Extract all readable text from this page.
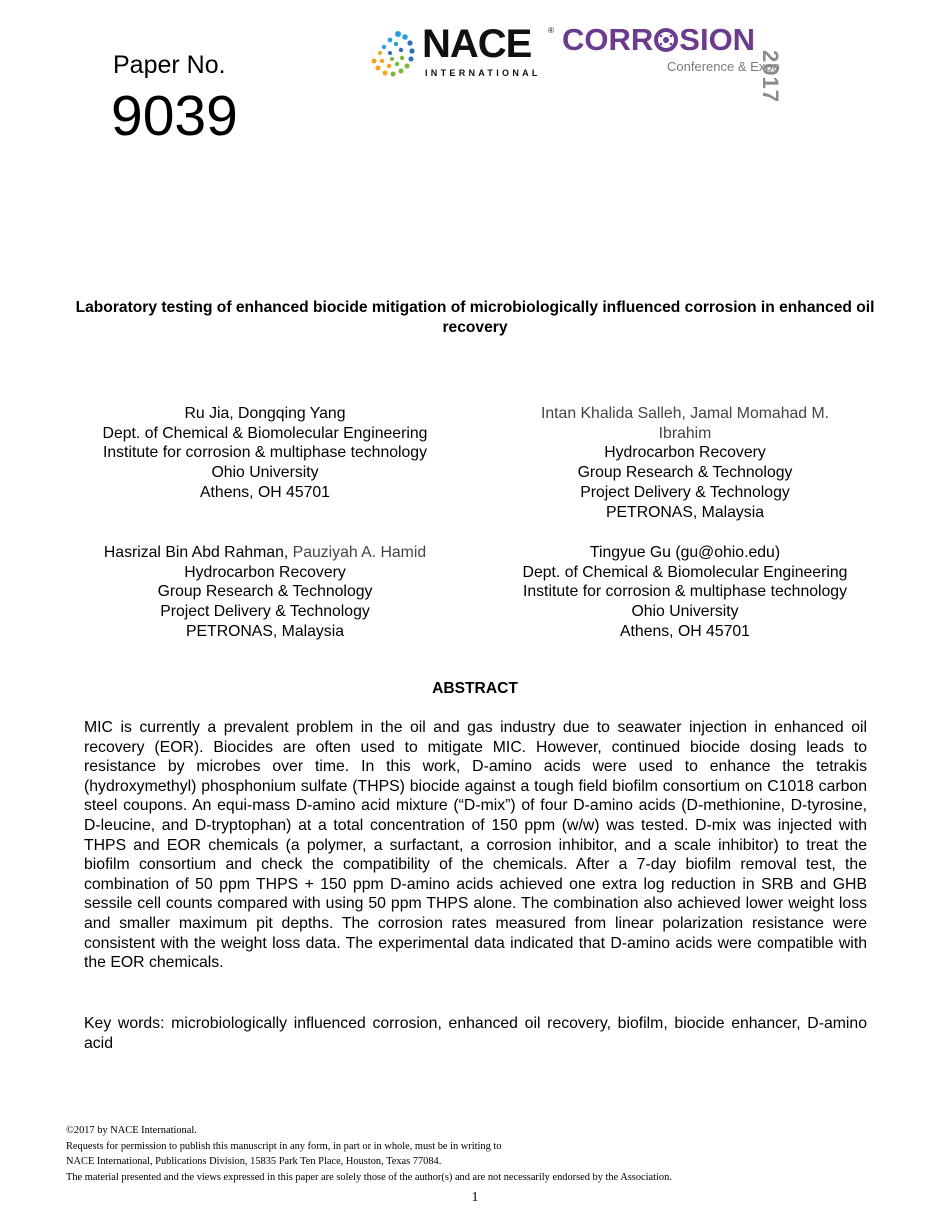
Paper No.
9039
NACE ®
INTERNATIONAL
CORR SION
Conference & Expo
2017
Laboratory testing of enhanced biocide mitigation of microbiologically influenced corrosion in enhanced oil recovery
Ru Jia, Dongqing Yang
Dept. of Chemical & Biomolecular Engineering
Institute for corrosion & multiphase technology
Ohio University
Athens, OH 45701
Intan Khalida Salleh, Jamal Momahad M.
Ibrahim
Hydrocarbon Recovery
Group Research & Technology
Project Delivery & Technology
PETRONAS, Malaysia
Hasrizal Bin Abd Rahman, Pauziyah A. Hamid
Hydrocarbon Recovery
Group Research & Technology
Project Delivery & Technology
PETRONAS, Malaysia
Tingyue Gu (gu@ohio.edu)
Dept. of Chemical & Biomolecular Engineering
Institute for corrosion & multiphase technology
Ohio University
Athens, OH 45701
ABSTRACT
MIC is currently a prevalent problem in the oil and gas industry due to seawater injection in enhanced oil recovery (EOR). Biocides are often used to mitigate MIC. However, continued biocide dosing leads to resistance by microbes over time. In this work, D-amino acids were used to enhance the tetrakis (hydroxymethyl) phosphonium sulfate (THPS) biocide against a tough field biofilm consortium on C1018 carbon steel coupons. An equi-mass D-amino acid mixture (“D-mix”) of four D-amino acids (D-methionine, D-tyrosine, D-leucine, and D-tryptophan) at a total concentration of 150 ppm (w/w) was tested. D-mix was injected with THPS and EOR chemicals (a polymer, a surfactant, a corrosion inhibitor, and a scale inhibitor) to treat the biofilm consortium and check the compatibility of the chemicals. After a 7-day biofilm removal test, the combination of 50 ppm THPS + 150 ppm D-amino acids achieved one extra log reduction in SRB and GHB sessile cell counts compared with using 50 ppm THPS alone. The combination also achieved lower weight loss and smaller maximum pit depths. The corrosion rates measured from linear polarization resistance were consistent with the weight loss data. The experimental data indicated that D-amino acids were compatible with the EOR chemicals.
Key words: microbiologically influenced corrosion, enhanced oil recovery, biofilm, biocide enhancer, D-amino acid
©2017 by NACE International.
Requests for permission to publish this manuscript in any form, in part or in whole, must be in writing to
NACE International, Publications Division, 15835 Park Ten Place, Houston, Texas 77084.
The material presented and the views expressed in this paper are solely those of the author(s) and are not necessarily endorsed by the Association.
1
